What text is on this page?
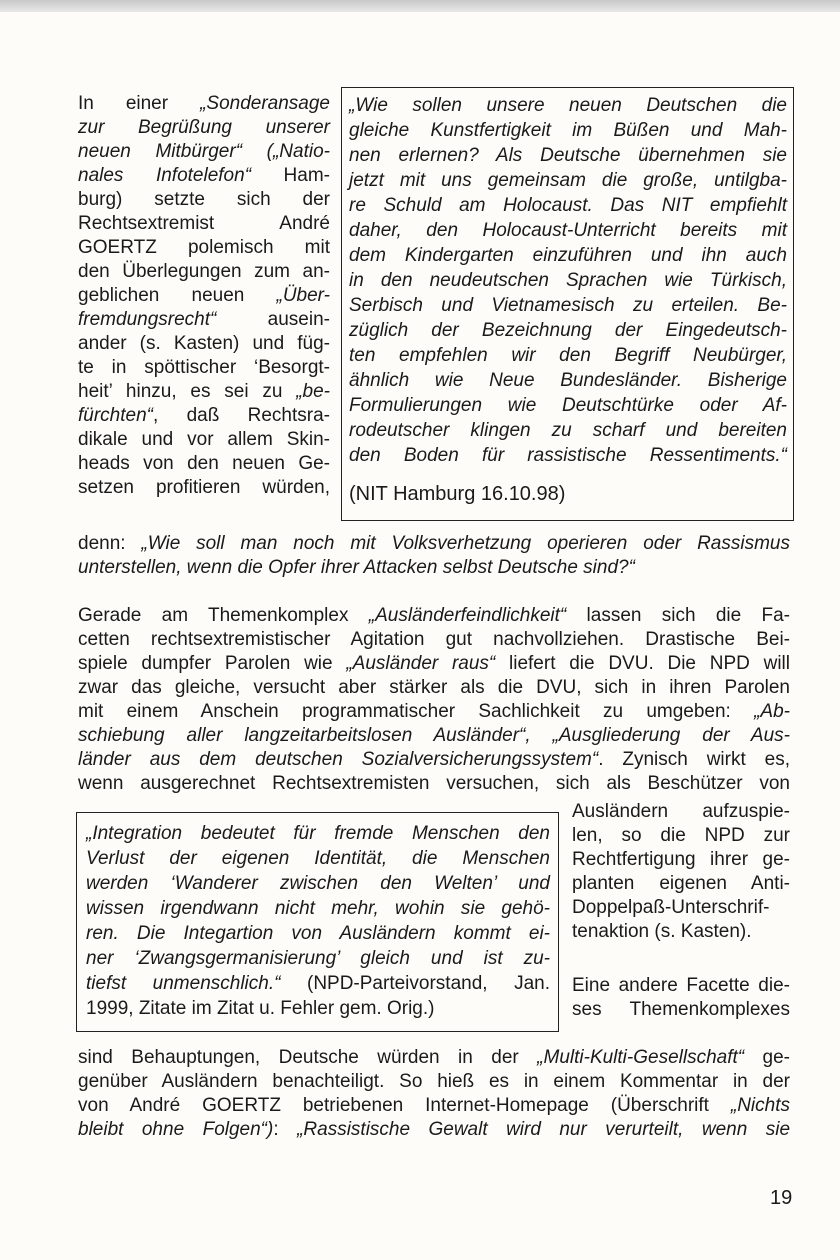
In einer „Sonderansage
zur Begrüßung unserer
neuen Mitbürger“ („Natio-
nales Infotelefon“ Ham-
burg) setzte sich der
Rechtsextremist André
GOERTZ polemisch mit
den Überlegungen zum an-
geblichen neuen „Über-
fremdungsrecht“ ausein-
ander (s. Kasten) und füg-
te in spöttischer ‘Besorgt-
heit’ hinzu, es sei zu „be-
fürchten“, daß Rechtsra-
dikale und vor allem Skin-
heads von den neuen Ge-
setzen profitieren würden,
„Wie sollen unsere neuen Deutschen die
gleiche Kunstfertigkeit im Büßen und Mah-
nen erlernen? Als Deutsche übernehmen sie
jetzt mit uns gemeinsam die große, untilgba-
re Schuld am Holocaust. Das NIT empfiehlt
daher, den Holocaust-Unterricht bereits mit
dem Kindergarten einzuführen und ihn auch
in den neudeutschen Sprachen wie Türkisch,
Serbisch und Vietnamesisch zu erteilen. Be-
züglich der Bezeichnung der Eingedeutsch-
ten empfehlen wir den Begriff Neubürger,
ähnlich wie Neue Bundesländer. Bisherige
Formulierungen wie Deutschtürke oder Af-
rodeutscher klingen zu scharf und bereiten
den Boden für rassistische Ressentiments.“
(NIT Hamburg 16.10.98)
denn: „Wie soll man noch mit Volksverhetzung operieren oder Rassismus
unterstellen, wenn die Opfer ihrer Attacken selbst Deutsche sind?“
Gerade am Themenkomplex „Ausländerfeindlichkeit“ lassen sich die Fa-
cetten rechtsextremistischer Agitation gut nachvollziehen. Drastische Bei-
spiele dumpfer Parolen wie „Ausländer raus“ liefert die DVU. Die NPD will
zwar das gleiche, versucht aber stärker als die DVU, sich in ihren Parolen
mit einem Anschein programmatischer Sachlichkeit zu umgeben: „Ab-
schiebung aller langzeitarbeitslosen Ausländer“, „Ausgliederung der Aus-
länder aus dem deutschen Sozialversicherungssystem“. Zynisch wirkt es,
wenn ausgerechnet Rechtsextremisten versuchen, sich als Beschützer von
„Integration bedeutet für fremde Menschen den
Verlust der eigenen Identität, die Menschen
werden ‘Wanderer zwischen den Welten’ und
wissen irgendwann nicht mehr, wohin sie gehö-
ren. Die Integartion von Ausländern kommt ei-
ner ‘Zwangsgermanisierung’ gleich und ist zu-
tiefst unmenschlich.“ (NPD-Parteivorstand, Jan.
1999, Zitate im Zitat u. Fehler gem. Orig.)
Ausländern aufzuspie-
len, so die NPD zur
Rechtfertigung ihrer ge-
planten eigenen Anti-
Doppelpaß-Unterschrif-
tenaktion (s. Kasten).
Eine andere Facette die-
ses Themenkomplexes
sind Behauptungen, Deutsche würden in der „Multi-Kulti-Gesellschaft“ ge-
genüber Ausländern benachteiligt. So hieß es in einem Kommentar in der
von André GOERTZ betriebenen Internet-Homepage (Überschrift „Nichts
bleibt ohne Folgen“): „Rassistische Gewalt wird nur verurteilt, wenn sie
19
